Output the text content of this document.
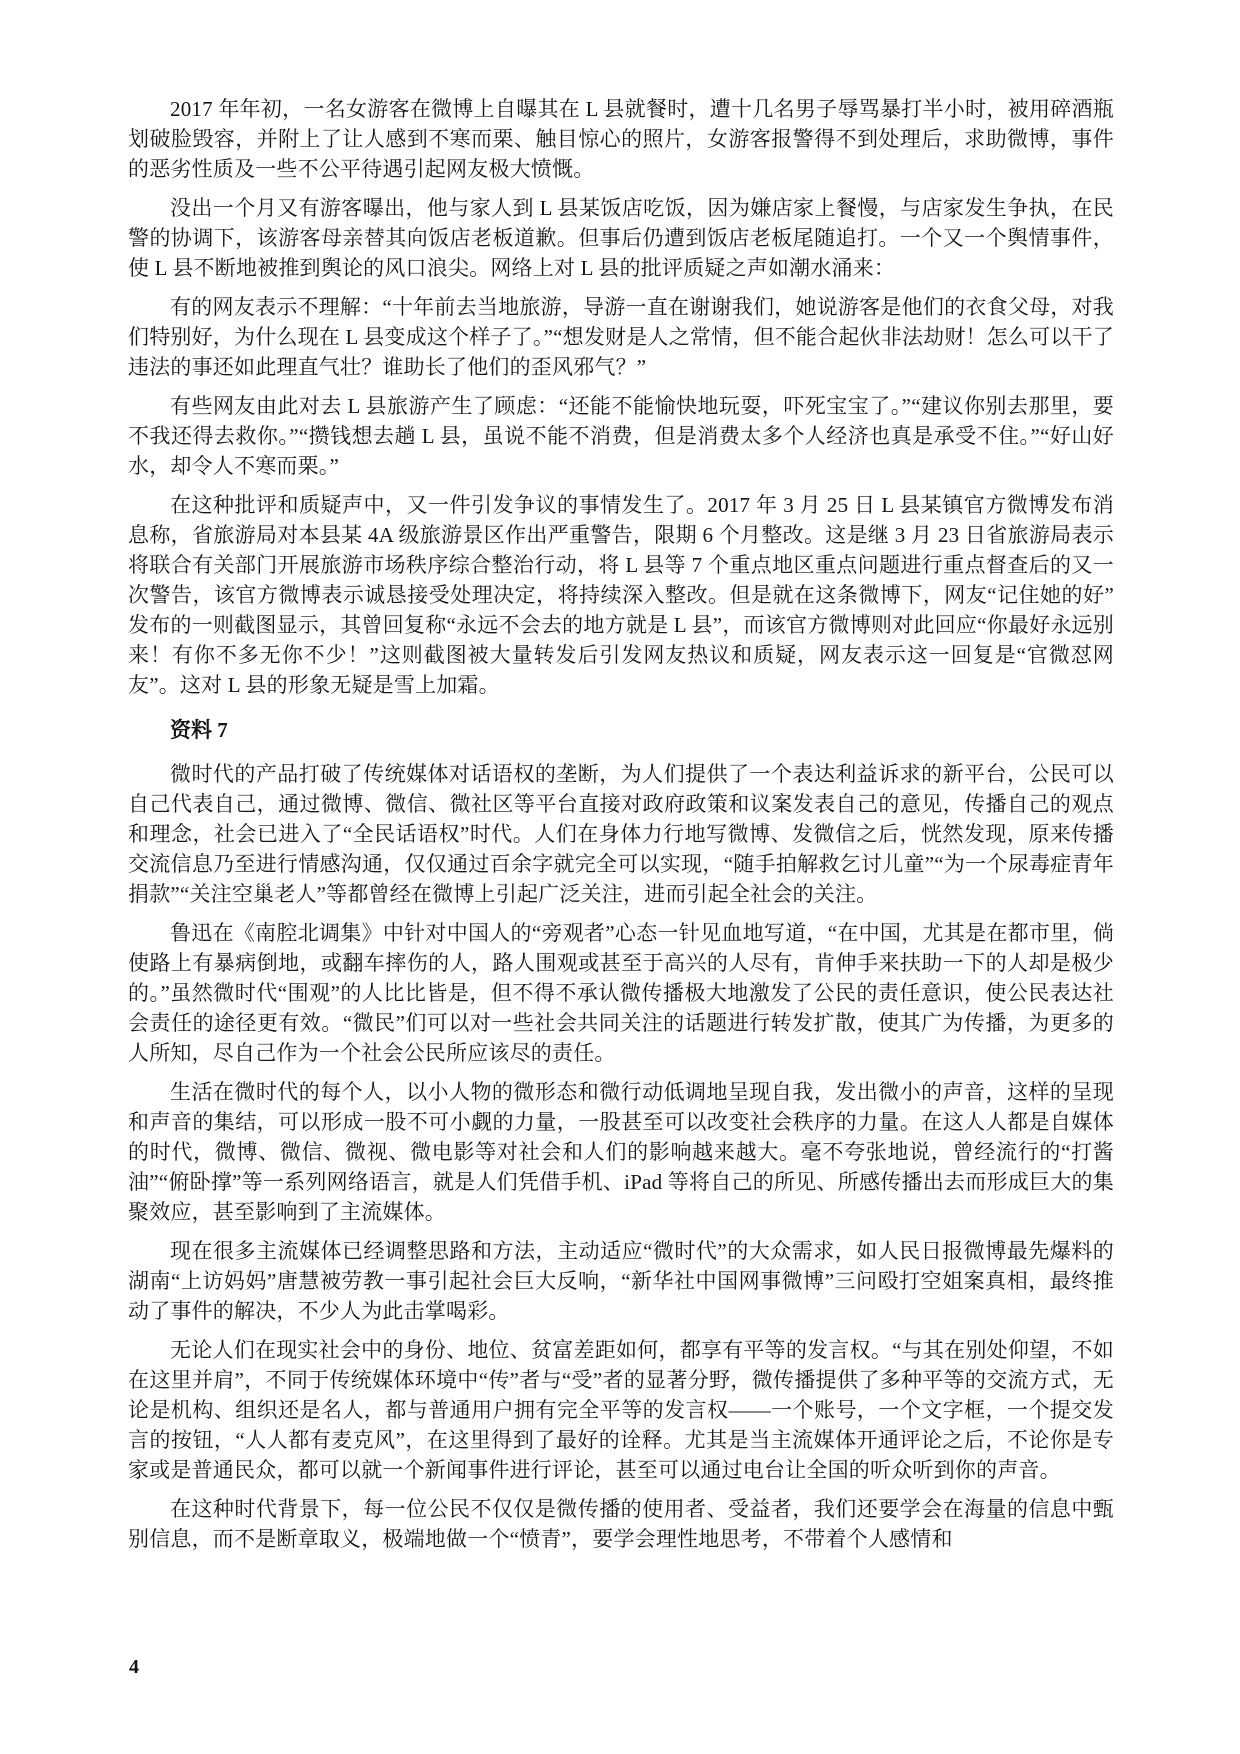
2017 年年初，一名女游客在微博上自曝其在 L 县就餐时，遭十几名男子辱骂暴打半小时，被用碎酒瓶划破脸毁容，并附上了让人感到不寒而栗、触目惊心的照片，女游客报警得不到处理后，求助微博，事件的恶劣性质及一些不公平待遇引起网友极大愤慨。

没出一个月又有游客曝出，他与家人到 L 县某饭店吃饭，因为嫌店家上餐慢，与店家发生争执，在民警的协调下，该游客母亲替其向饭店老板道歉。但事后仍遭到饭店老板尾随追打。一个又一个舆情事件，使 L 县不断地被推到舆论的风口浪尖。网络上对 L 县的批评质疑之声如潮水涌来：

有的网友表示不理解：“十年前去当地旅游，导游一直在谢谢我们，她说游客是他们的衣食父母，对我们特别好，为什么现在 L 县变成这个样子了。”“想发财是人之常情，但不能合起伙非法劫财！怎么可以干了违法的事还如此理直气壮？谁助长了他们的歪风邪气？”

有些网友由此对去 L 县旅游产生了顾虑：“还能不能愉快地玩耍，吓死宝宝了。”“建议你别去那里，要不我还得去救你。”“攒钱想去趟 L 县，虽说不能不消费，但是消费太多个人经济也真是承受不住。”“好山好水，却令人不寒而栗。”

在这种批评和质疑声中，又一件引发争议的事情发生了。2017 年 3 月 25 日 L 县某镇官方微博发布消息称，省旅游局对本县某 4A 级旅游景区作出严重警告，限期 6 个月整改。这是继 3 月 23 日省旅游局表示将联合有关部门开展旅游市场秩序综合整治行动，将 L 县等 7 个重点地区重点问题进行重点督查后的又一次警告，该官方微博表示诚恳接受处理决定，将持续深入整改。但是就在这条微博下，网友“记住她的好”发布的一则截图显示，其曾回复称“永远不会去的地方就是 L 县”，而该官方微博则对此回应“你最好永远别来！有你不多无你不少！”这则截图被大量转发后引发网友热议和质疑，网友表示这一回复是“官微怼网友”。这对 L 县的形象无疑是雪上加霜。

资料 7

微时代的产品打破了传统媒体对话语权的垄断，为人们提供了一个表达利益诉求的新平台，公民可以自己代表自己，通过微博、微信、微社区等平台直接对政府政策和议案发表自己的意见，传播自己的观点和理念，社会已进入了“全民话语权”时代。人们在身体力行地写微博、发微信之后，恍然发现，原来传播交流信息乃至进行情感沟通，仅仅通过百余字就完全可以实现，“随手拍解救乞讨儿童”“为一个尿毒症青年捐款”“关注空巢老人”等都曾经在微博上引起广泛关注，进而引起全社会的关注。

鲁迅在《南腔北调集》中针对中国人的“旁观者”心态一针见血地写道，“在中国，尤其是在都市里，倘使路上有暴病倒地，或翻车摔伤的人，路人围观或甚至于高兴的人尽有，肯伸手来扶助一下的人却是极少的。”虽然微时代“围观”的人比比皆是，但不得不承认微传播极大地激发了公民的责任意识，使公民表达社会责任的途径更有效。“微民”们可以对一些社会共同关注的话题进行转发扩散，使其广为传播，为更多的人所知，尽自己作为一个社会公民所应该尽的责任。

生活在微时代的每个人，以小人物的微形态和微行动低调地呈现自我，发出微小的声音，这样的呈现和声音的集结，可以形成一股不可小觑的力量，一股甚至可以改变社会秩序的力量。在这人人都是自媒体的时代，微博、微信、微视、微电影等对社会和人们的影响越来越大。毫不夸张地说，曾经流行的“打酱油”“俯卧撑”等一系列网络语言，就是人们凭借手机、iPad 等将自己的所见、所感传播出去而形成巨大的集聚效应，甚至影响到了主流媒体。

现在很多主流媒体已经调整思路和方法，主动适应“微时代”的大众需求，如人民日报微博最先爆料的湖南“上访妈妈”唐慧被劳教一事引起社会巨大反响，“新华社中国网事微博”三问殴打空姐案真相，最终推动了事件的解决，不少人为此击掌喝彩。

无论人们在现实社会中的身份、地位、贫富差距如何，都享有平等的发言权。“与其在别处仰望，不如在这里并肩”，不同于传统媒体环境中“传”者与“受”者的显著分野，微传播提供了多种平等的交流方式，无论是机构、组织还是名人，都与普通用户拥有完全平等的发言权——一个账号，一个文字框，一个提交发言的按钮，“人人都有麦克风”，在这里得到了最好的诠释。尤其是当主流媒体开通评论之后，不论你是专家或是普通民众，都可以就一个新闻事件进行评论，甚至可以通过电台让全国的听众听到你的声音。

在这种时代背景下，每一位公民不仅仅是微传播的使用者、受益者，我们还要学会在海量的信息中甄别信息，而不是断章取义，极端地做一个“愤青”，要学会理性地思考，不带着个人感情和

4
